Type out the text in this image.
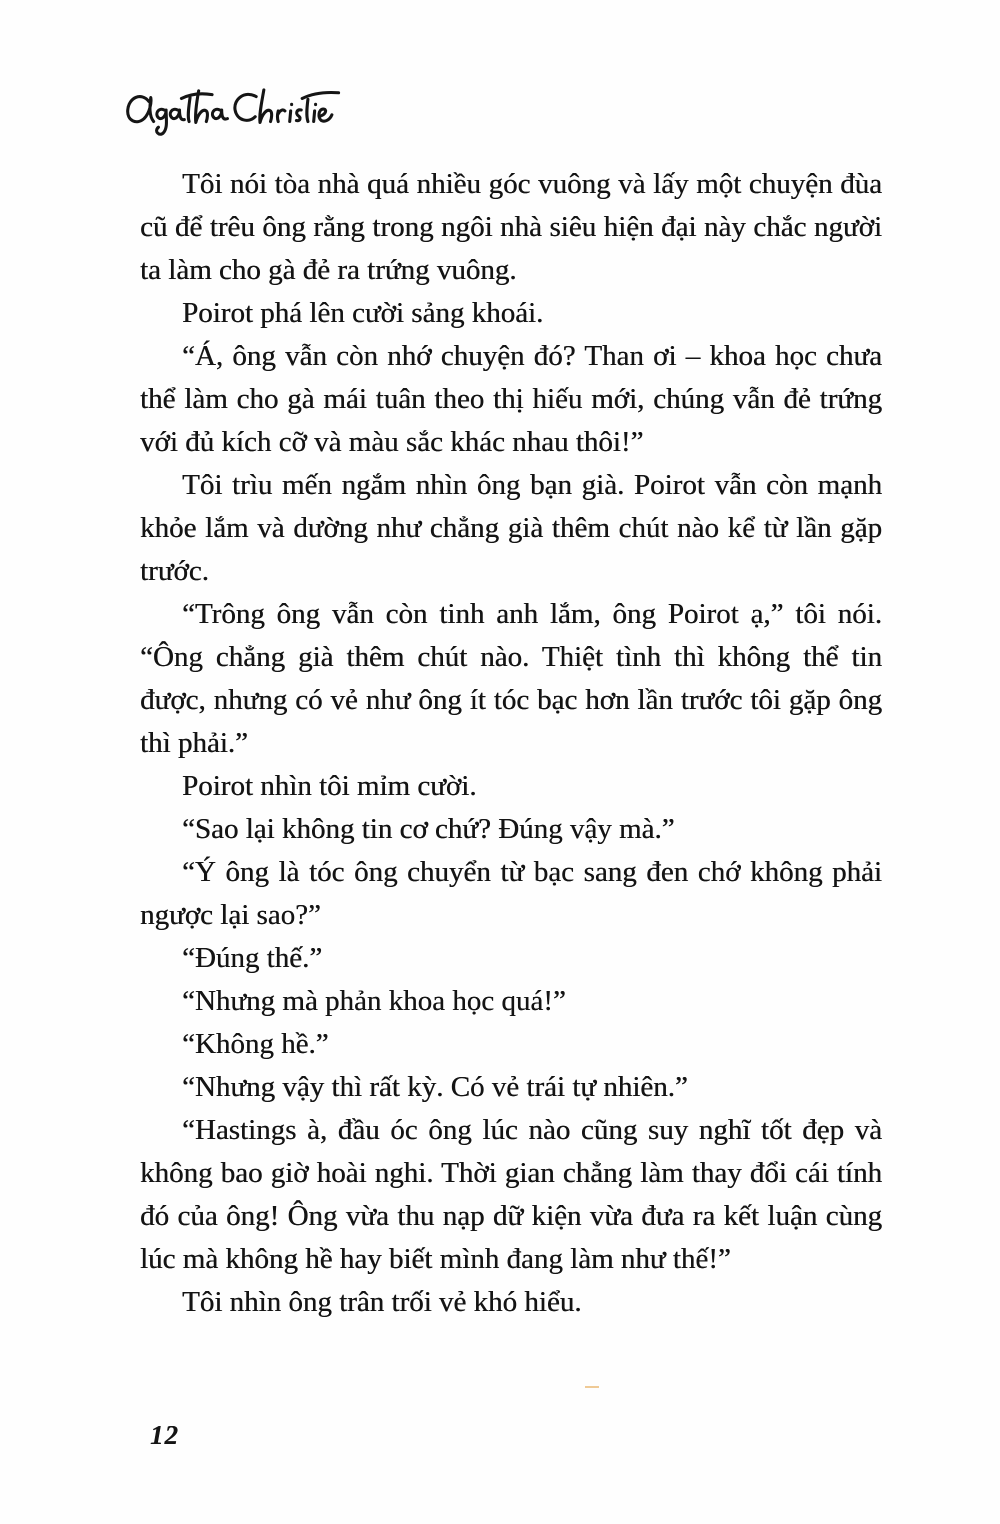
Tôi nói tòa nhà quá nhiều góc vuông và lấy một chuyện đùa cũ để trêu ông rằng trong ngôi nhà siêu hiện đại này chắc người ta làm cho gà đẻ ra trứng vuông.

Poirot phá lên cười sảng khoái.

“Á, ông vẫn còn nhớ chuyện đó? Than ơi – khoa học chưa thể làm cho gà mái tuân theo thị hiếu mới, chúng vẫn đẻ trứng với đủ kích cỡ và màu sắc khác nhau thôi!”

Tôi trìu mến ngắm nhìn ông bạn già. Poirot vẫn còn mạnh khỏe lắm và dường như chẳng già thêm chút nào kể từ lần gặp trước.

“Trông ông vẫn còn tinh anh lắm, ông Poirot ạ,” tôi nói. “Ông chẳng già thêm chút nào. Thiệt tình thì không thể tin được, nhưng có vẻ như ông ít tóc bạc hơn lần trước tôi gặp ông thì phải.”

Poirot nhìn tôi mỉm cười.

“Sao lại không tin cơ chứ? Đúng vậy mà.”

“Ý ông là tóc ông chuyển từ bạc sang đen chớ không phải ngược lại sao?”

“Đúng thế.”

“Nhưng mà phản khoa học quá!”

“Không hề.”

“Nhưng vậy thì rất kỳ. Có vẻ trái tự nhiên.”

“Hastings à, đầu óc ông lúc nào cũng suy nghĩ tốt đẹp và không bao giờ hoài nghi. Thời gian chẳng làm thay đổi cái tính đó của ông! Ông vừa thu nạp dữ kiện vừa đưa ra kết luận cùng lúc mà không hề hay biết mình đang làm như thế!”

Tôi nhìn ông trân trối vẻ khó hiểu.

12
